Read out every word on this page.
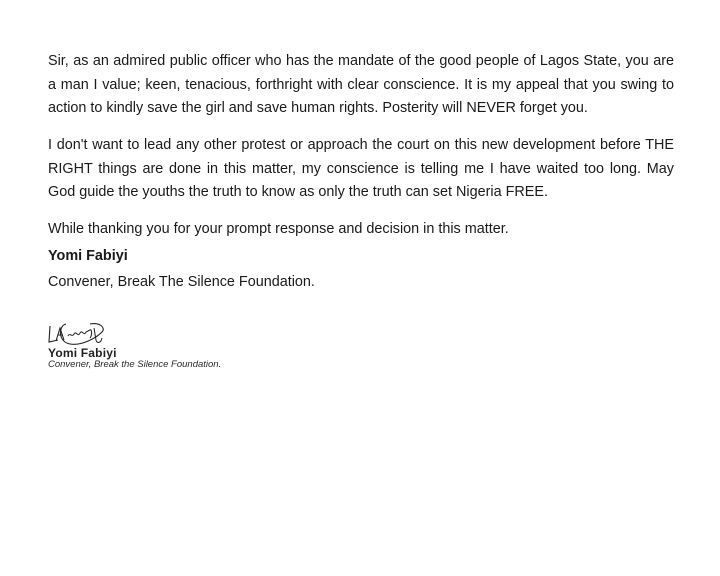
Sir, as an admired public officer who has the mandate of the good people of Lagos State, you are a man I value; keen, tenacious, forthright with clear conscience. It is my appeal that you swing to action to kindly save the girl and save human rights. Posterity will NEVER forget you.

I don't want to lead any other protest or approach the court on this new development before THE RIGHT things are done in this matter, my conscience is telling me I have waited too long. May God guide the youths the truth to know as only the truth can set Nigeria FREE.

While thanking you for your prompt response and decision in this matter.

Yomi Fabiyi

Convener, Break The Silence Foundation.

Yomi Fabiyi
Convener, Break the Silence Foundation.
